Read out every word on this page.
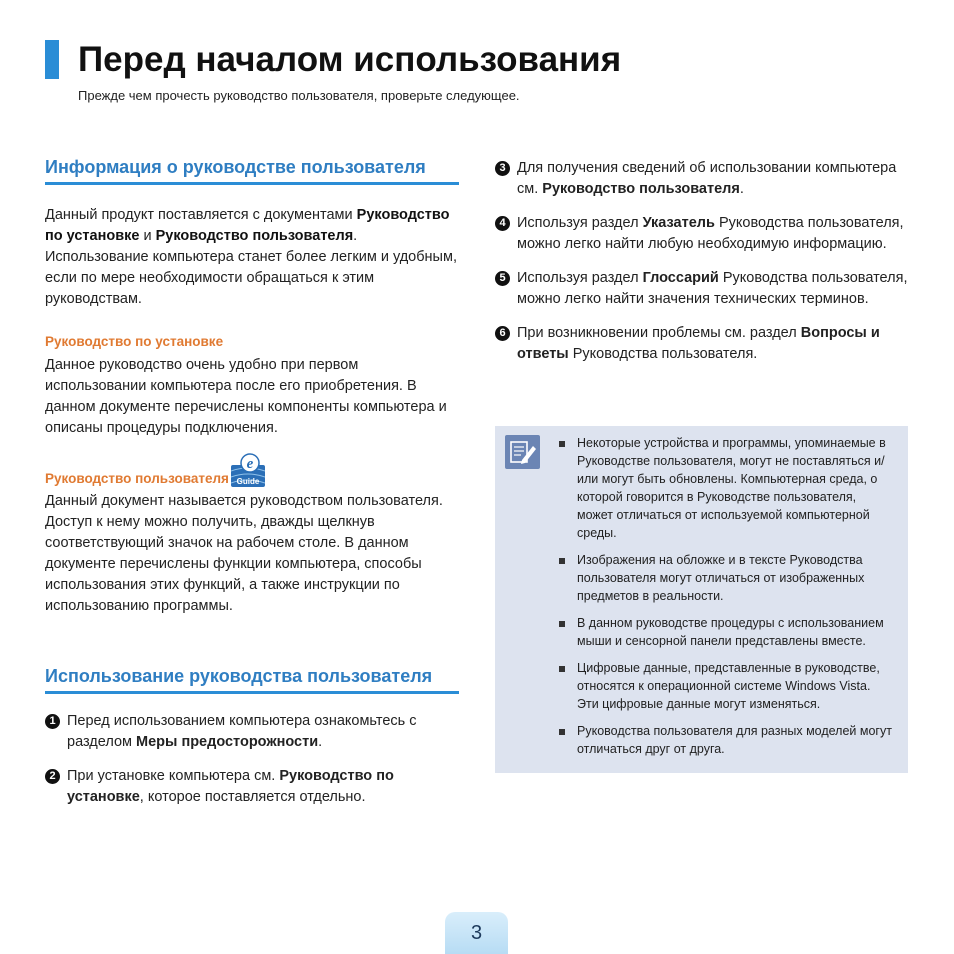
Перед началом использования
Прежде чем прочесть руководство пользователя, проверьте следующее.
Информация о руководстве пользователя

Данный продукт поставляется с документами Руководство по установке и Руководство пользователя.

Использование компьютера станет более легким и удобным, если по мере необходимости обращаться к этим руководствам.

Руководство по установке

Данное руководство очень удобно при первом использовании компьютера после его приобретения. В данном документе перечислены компоненты компьютера и описаны процедуры подключения.

Руководство пользователя
e
Guide

Данный документ называется руководством пользователя. Доступ к нему можно получить, дважды щелкнув соответствующий значок на рабочем столе. В данном документе перечислены функции компьютера, способы использования этих функций, а также инструкции по использованию программы.

Использование руководства пользователя
1 Перед использованием компьютера ознакомьтесь с разделом Меры предосторожности.
2 При установке компьютера см. Руководство по установке, которое поставляется отдельно.
3 Для получения сведений об использовании компьютера см. Руководство пользователя.
4 Используя раздел Указатель Руководства пользователя, можно легко найти любую необходимую информацию.
5 Используя раздел Глоссарий Руководства пользователя, можно легко найти значения технических терминов.
6 При возникновении проблемы см. раздел Вопросы и ответы Руководства пользователя.
Некоторые устройства и программы, упоминаемые в Руководстве пользователя, могут не поставляться и/или могут быть обновлены. Компьютерная среда, о которой говорится в Руководстве пользователя, может отличаться от используемой компьютерной среды.
Изображения на обложке и в тексте Руководства пользователя могут отличаться от изображенных предметов в реальности.
В данном руководстве процедуры с использованием мыши и сенсорной панели представлены вместе.
Цифровые данные, представленные в руководстве, относятся к операционной системе Windows Vista. Эти цифровые данные могут изменяться.
Руководства пользователя для разных моделей могут отличаться друг от друга.
3
